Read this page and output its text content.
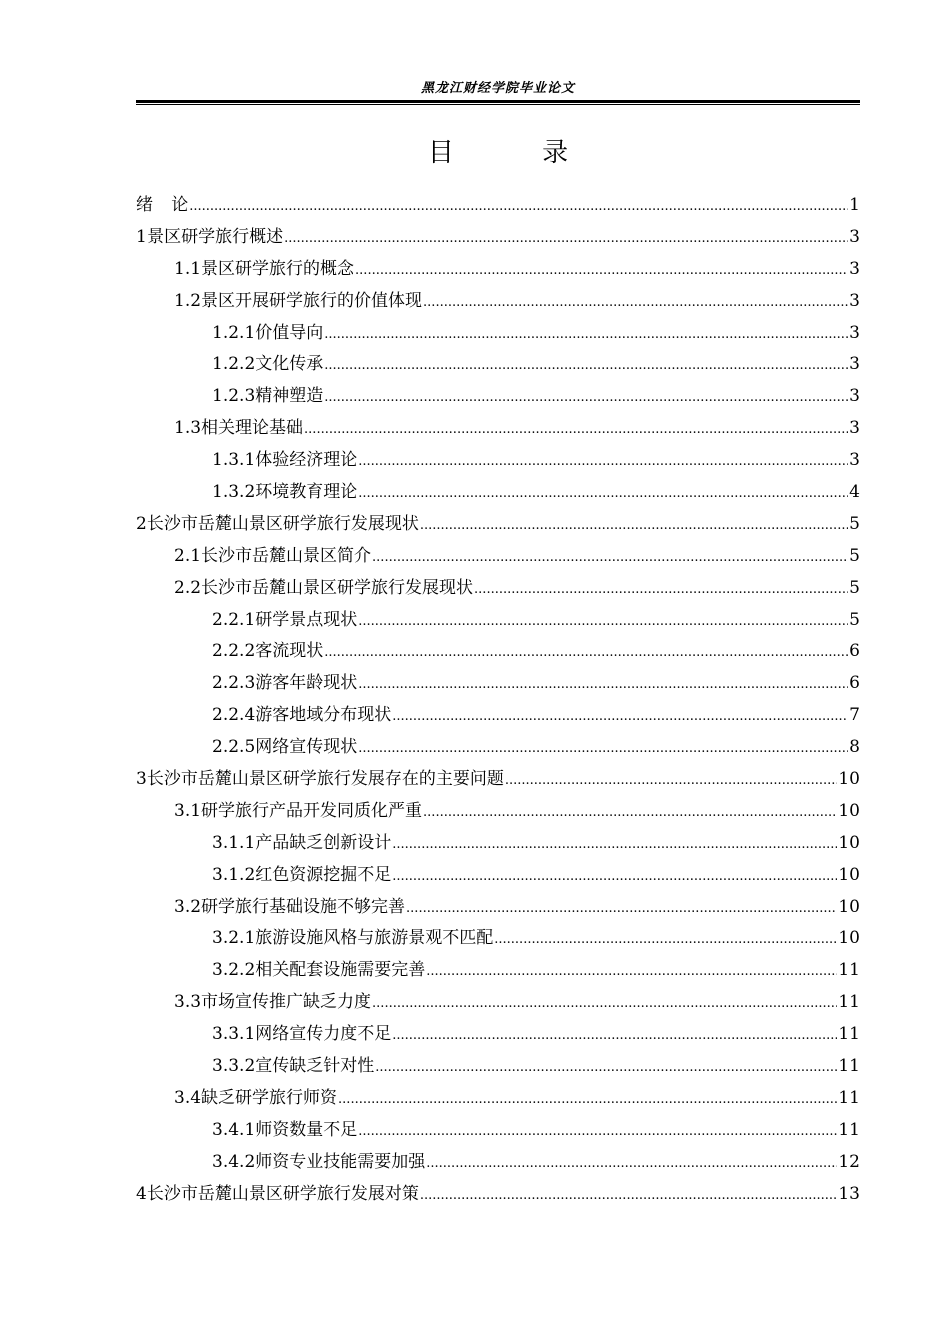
黑龙江财经学院毕业论文
目 录
绪	论 .....	1
1 景区研学旅行概述 .....	3
1.1 景区研学旅行的概念 .....	3
1.2 景区开展研学旅行的价值体现 .....	3
1.2.1 价值导向 .....	3
1.2.2 文化传承 .....	3
1.2.3 精神塑造 .....	3
1.3 相关理论基础 .....	3
1.3.1 体验经济理论 .....	3
1.3.2 环境教育理论 .....	4
2 长沙市岳麓山景区研学旅行发展现状 .....	5
2.1 长沙市岳麓山景区简介 .....	5
2.2 长沙市岳麓山景区研学旅行发展现状 .....	5
2.2.1 研学景点现状 .....	5
2.2.2 客流现状 .....	6
2.2.3 游客年龄现状 .....	6
2.2.4 游客地域分布现状 .....	7
2.2.5 网络宣传现状 .....	8
3 长沙市岳麓山景区研学旅行发展存在的主要问题 .....	10
3.1 研学旅行产品开发同质化严重 .....	10
3.1.1 产品缺乏创新设计 .....	10
3.1.2 红色资源挖掘不足 .....	10
3.2 研学旅行基础设施不够完善 .....	10
3.2.1 旅游设施风格与旅游景观不匹配 .....	10
3.2.2 相关配套设施需要完善 .....	11
3.3 市场宣传推广缺乏力度 .....	11
3.3.1 网络宣传力度不足 .....	11
3.3.2 宣传缺乏针对性 .....	11
3.4 缺乏研学旅行师资 .....	11
3.4.1 师资数量不足 .....	11
3.4.2 师资专业技能需要加强 .....	12
4 长沙市岳麓山景区研学旅行发展对策 .....	13
